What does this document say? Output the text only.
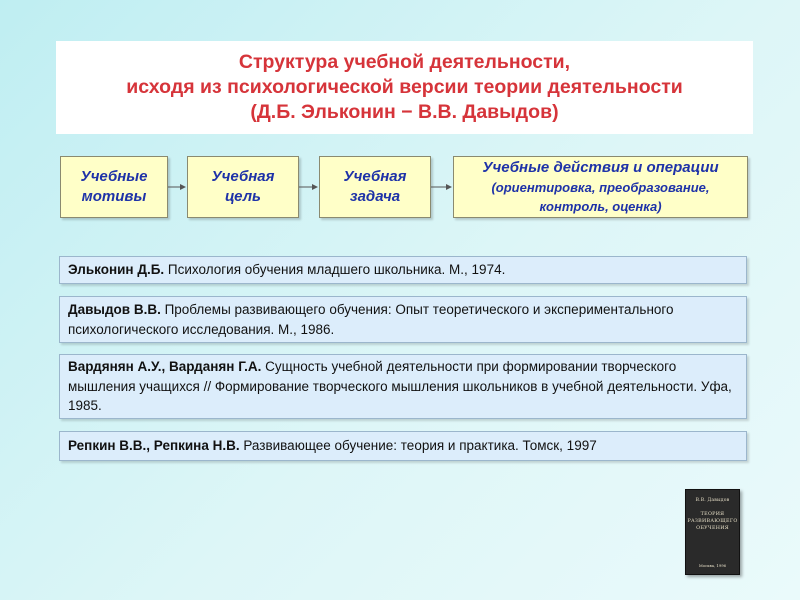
Структура учебной деятельности,
исходя из психологической версии теории деятельности
(Д.Б. Эльконин − В.В. Давыдов)
Учебные
мотивы
Учебная
цель
Учебная
задача
Учебные действия и операции
(ориентировка, преобразование,
контроль, оценка)

Эльконин Д.Б. Психология обучения младшего школьника. М., 1974.

Давыдов В.В. Проблемы развивающего обучения: Опыт теоретического и экспериментального психологического исследования. М., 1986.

Вардянян А.У., Варданян Г.А. Сущность учебной деятельности при формировании творческого мышления учащихся // Формирование творческого мышления школьников в учебной деятельности. Уфа, 1985.

Репкин В.В., Репкина Н.В. Развивающее обучение: теория и практика. Томск, 1997

В.В. Давыдов
ТЕОРИЯ
РАЗВИВАЮЩЕГО
ОБУЧЕНИЯ
Москва, 1996
